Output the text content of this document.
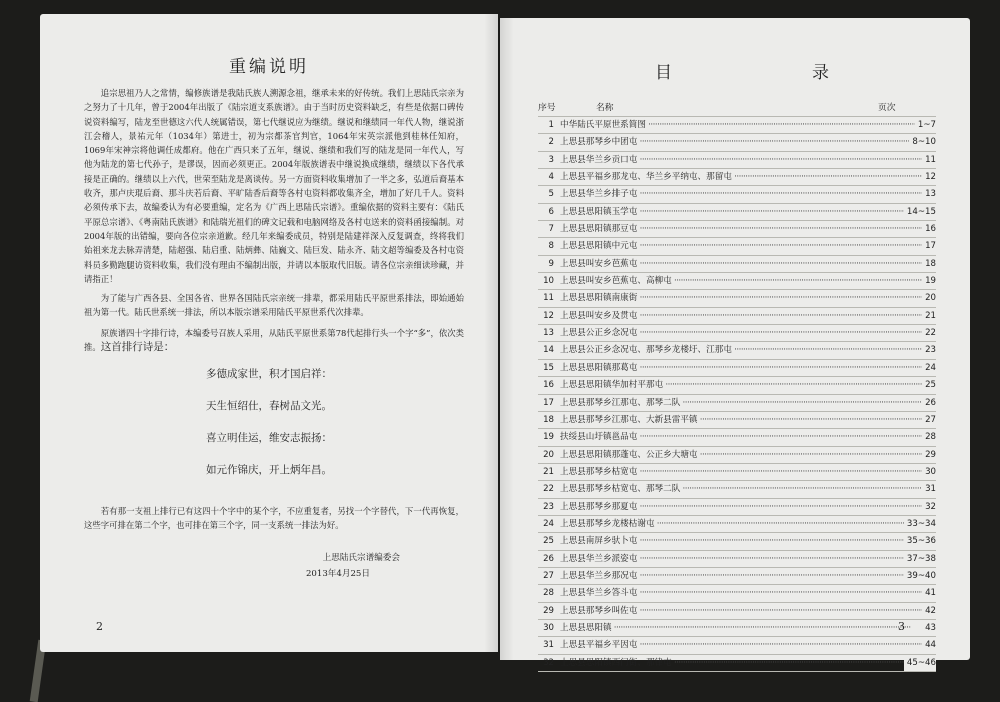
重编说明

追宗思祖乃人之常情，编修族谱是我陆氏族人溯源念祖，继承未来的好传统。我们上思陆氏宗亲为之努力了十几年，曾于2004年出版了《陆宗道支系族谱》。由于当时历史资料缺乏，有些是依据口碑传说资料编写，陆龙至世德这六代人统属错误，第七代继说应为继绩。继说和继绩同一年代人物，继说浙江会稽人，景祐元年（1034年）第进士，初为宗都茶官判官，1064年宋英宗派他到桂林任知府，1069年宋神宗将他调任成都府。他在广西只来了五年，继说、继绩和我们写的陆龙是同一年代人，写他为陆龙的第七代孙子，是谬误，因而必须更正。2004年版族谱表中继说换成继绩，继绩以下各代承接是正确的。继绩以上六代，世荣至陆龙是离谈传。另一方面资料收集增加了一半之多，弘道后裔基本收齐，那卢庆琨后裔、那斗庆若后裔、平旷陆香后裔等各村屯资料都收集齐全，增加了好几千人。资料必须传承下去，故编委认为有必要重编，定名为《广西上思陆氏宗谱》。重编依据的资料主要有：《陆氏平原总宗谱》、《粤南陆氏族谱》和陆瑞光祖们的碑文记载和电脑网络及各村屯送来的资料函接编制。对2004年版的出错编，要向各位宗亲道歉。经几年来编委成员，特别是陆建祥深入反复调查，终将我们始祖来龙去脉弄清楚，陆超强、陆启重、陆炳彝、陆巍文、陆巨发、陆永齐、陆文超等编委及各村屯资料员多勤跑腿访资料收集，我们没有理由不编制出版，并请以本版取代旧版。请各位宗亲细读珍藏，并请指正！

为了能与广西各县、全国各省、世界各国陆氏宗亲统一排辈，都采用陆氏平原世系排法，即始通始祖为第一代。陆氏世系统一排法，所以本版宗谱采用陆氏平原世系代次排辈。

原族谱四十字排行诗，本编委号召族人采用，从陆氏平原世系第78代起排行头一个字“多”，依次类推。这首排行诗是：

多德成家世，积才国启祥：
天生恒绍仕，春树品文光。
喜立明佳运，维安志振扬：
如元作锦庆，开上炳年昌。
若有那一支祖上排行已有这四十个字中的某个字，不应重复者，另找一个字替代，下一代再恢复，这些字可排在第二个字，也可排在第三个字，同一支系统一排法为好。
上思陆氏宗谱编委会
2013年4月25日
2
目	录
序号	名称	页次
1 中华陆氏平原世系简图 ·····	1~7
2 上思县那琴乡中团屯 ·····	8~10
3 上思县华兰乡贡口屯 ·····	11
4 上思县平福乡那龙屯、华兰乡平纳屯、那留屯 ·····	12
5 上思县华兰乡排子屯 ·····	13
6 上思县思阳镇玉学屯 ·····	14~15
7 上思县思阳镇那豆屯 ·····	16
8 上思县思阳镇中元屯 ·····	17
9 上思县叫安乡芭蕉屯 ·····	18
10 上思县叫安乡芭蕉屯、高柳屯 ·····	19
11 上思县思阳镇南康街 ·····	20
12 上思县叫安乡及贯屯 ·····	21
13 上思县公正乡念况屯 ·····	22
14 上思县公正乡念况屯、那琴乡龙楼圩、江那屯 ·····	23
15 上思县思阳镇那葛屯 ·····	24
16 上思县思阳镇华加村平那屯 ·····	25
17 上思县那琴乡江那屯、那琴二队 ·····	26
18 上思县那琴乡江那屯、大新县雷平镇 ·····	27
19 扶绥县山圩镇邕品屯 ·····	28
20 上思县思阳镇那蓬屯、公正乡大塘屯 ·····	29
21 上思县那琴乡枯宽屯 ·····	30
22 上思县那琴乡枯宽屯、那琴二队 ·····	31
23 上思县那琴乡那夏屯 ·····	32
24 上思县那琴乡龙楼枯谢屯 ·····	33~34
25 上思县南屏乡驮卜屯 ·····	35~36
26 上思县华兰乡派姿屯 ·····	37~38
27 上思县华兰乡那况屯 ·····	39~40
28 上思县华兰乡答斗屯 ·····	41
29 上思县那琴乡叫佐屯 ·····	42
30 上思县思阳镇 ·····	43
31 上思县平福乡平因屯 ·····	44
32 上思县思阳镇西门街、那律屯 ·····	45~46
3
